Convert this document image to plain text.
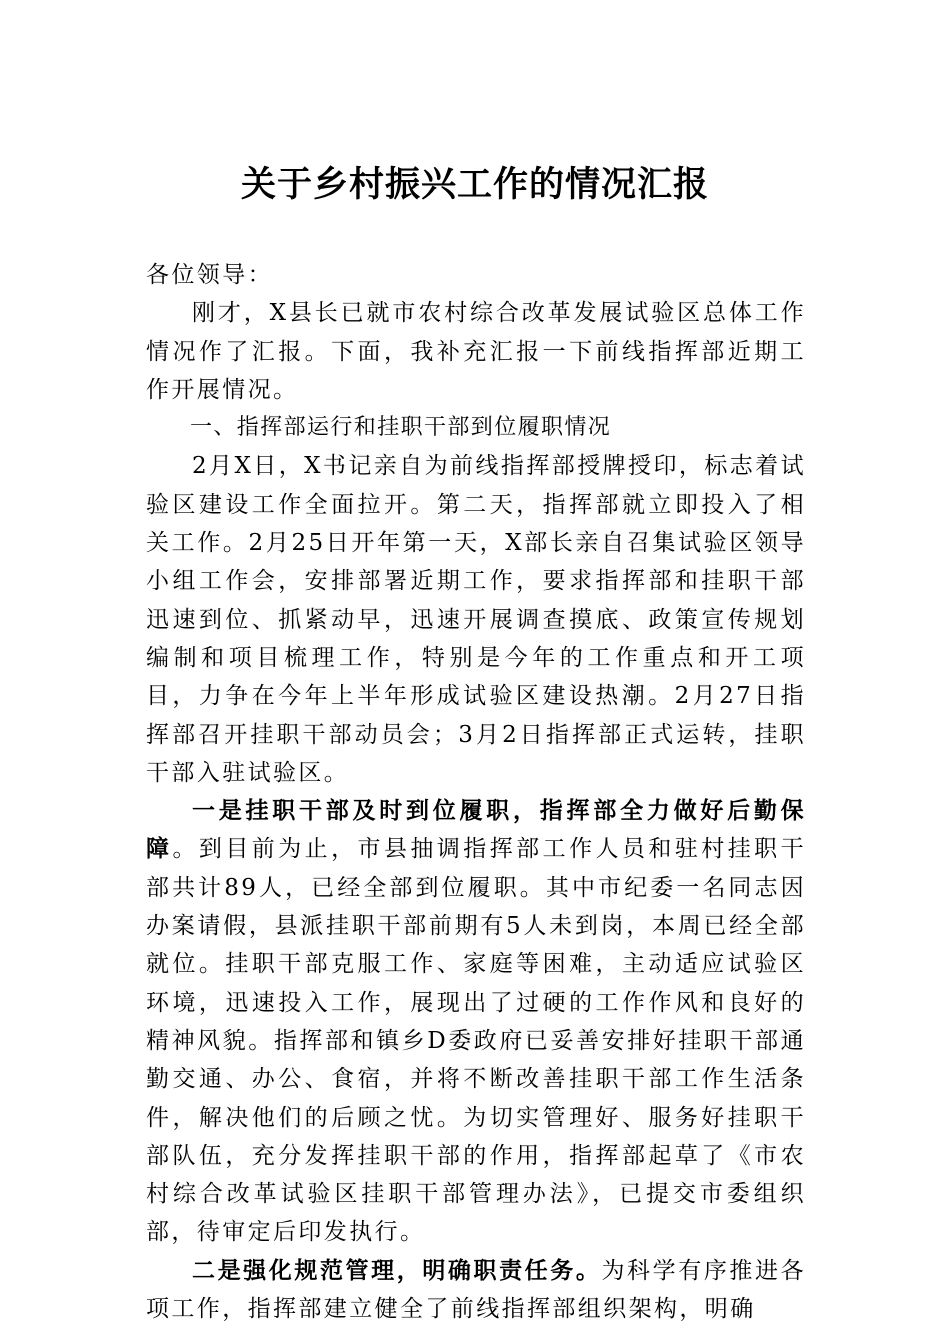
关于乡村振兴工作的情况汇报

各位领导：

刚才，X县长已就市农村综合改革发展试验区总体工作情况作了汇报。下面，我补充汇报一下前线指挥部近期工作开展情况。

一、指挥部运行和挂职干部到位履职情况

2月X日，X书记亲自为前线指挥部授牌授印，标志着试验区建设工作全面拉开。第二天，指挥部就立即投入了相关工作。2月25日开年第一天，X部长亲自召集试验区领导小组工作会，安排部署近期工作，要求指挥部和挂职干部迅速到位、抓紧动早，迅速开展调查摸底、政策宣传规划编制和项目梳理工作，特别是今年的工作重点和开工项目，力争在今年上半年形成试验区建设热潮。2月27日指挥部召开挂职干部动员会；3月2日指挥部正式运转，挂职干部入驻试验区。

一是挂职干部及时到位履职，指挥部全力做好后勤保障。到目前为止，市县抽调指挥部工作人员和驻村挂职干部共计89人，已经全部到位履职。其中市纪委一名同志因办案请假，县派挂职干部前期有5人未到岗，本周已经全部就位。挂职干部克服工作、家庭等困难，主动适应试验区环境，迅速投入工作，展现出了过硬的工作作风和良好的精神风貌。指挥部和镇乡D委政府已妥善安排好挂职干部通勤交通、办公、食宿，并将不断改善挂职干部工作生活条件，解决他们的后顾之忧。为切实管理好、服务好挂职干部队伍，充分发挥挂职干部的作用，指挥部起草了《市农村综合改革试验区挂职干部管理办法》，已提交市委组织部，待审定后印发执行。

二是强化规范管理，明确职责任务。为科学有序推进各项工作，指挥部建立健全了前线指挥部组织架构，明确
